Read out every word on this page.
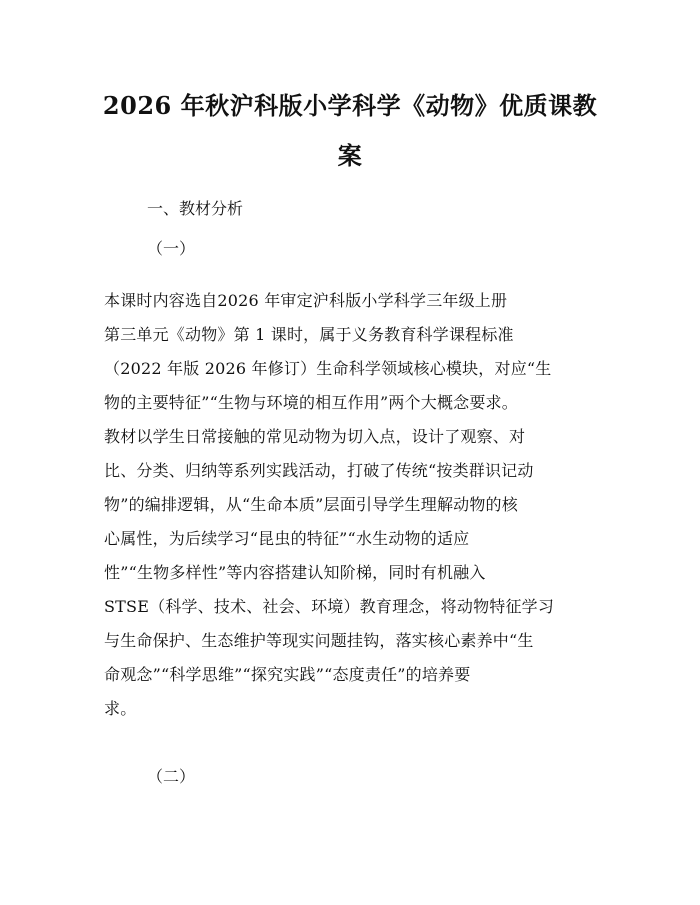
2026 年秋沪科版小学科学《动物》优质课教
案

一、教材分析

（一）

本课时内容选自2026 年审定沪科版小学科学三年级上册
第三单元《动物》第 1 课时，属于义务教育科学课程标准
（2022 年版 2026 年修订）生命科学领域核心模块，对应“生
物的主要特征”“生物与环境的相互作用”两个大概念要求。
教材以学生日常接触的常见动物为切入点，设计了观察、对
比、分类、归纳等系列实践活动，打破了传统“按类群识记动
物”的编排逻辑，从“生命本质”层面引导学生理解动物的核
心属性，为后续学习“昆虫的特征”“水生动物的适应
性”“生物多样性”等内容搭建认知阶梯，同时有机融入
STSE（科学、技术、社会、环境）教育理念，将动物特征学习
与生命保护、生态维护等现实问题挂钩，落实核心素养中“生
命观念”“科学思维”“探究实践”“态度责任”的培养要
求。

（二）
